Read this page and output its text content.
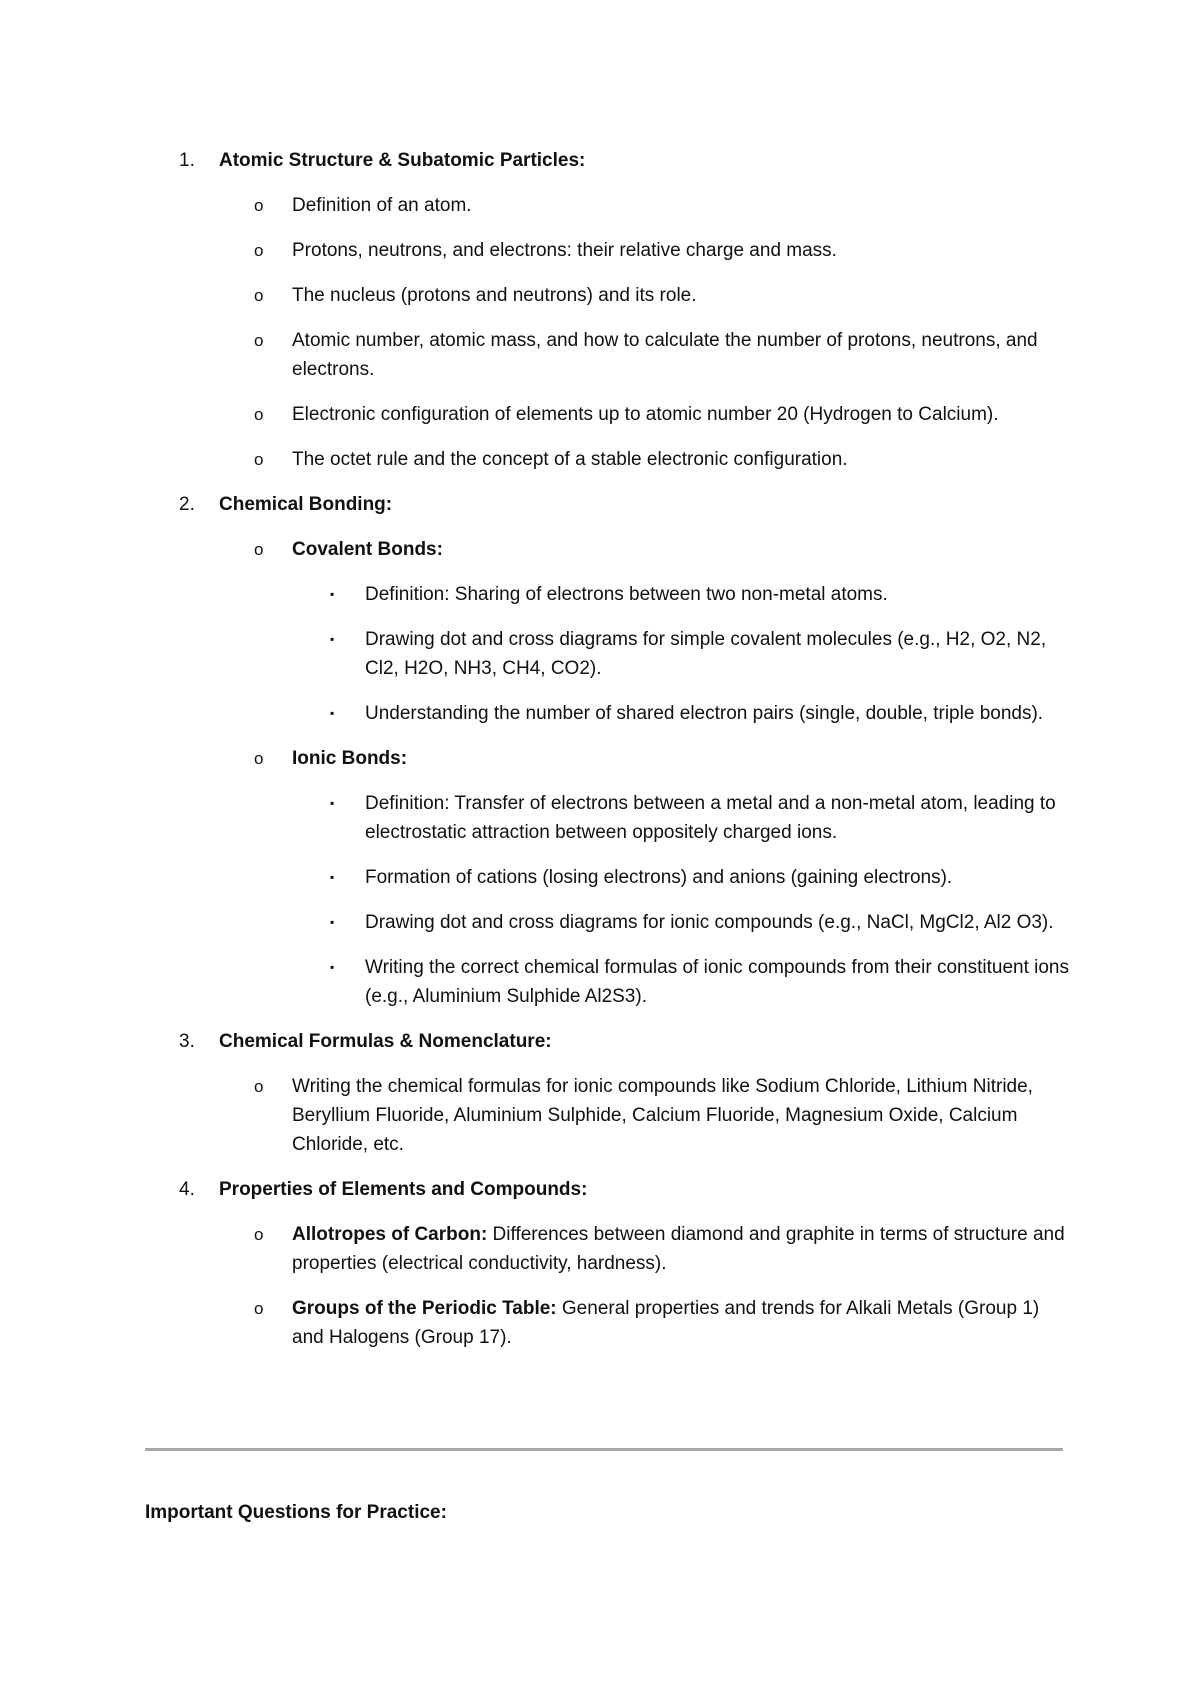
1.	Atomic Structure & Subatomic Particles:
o Definition of an atom.
o Protons, neutrons, and electrons: their relative charge and mass.
o The nucleus (protons and neutrons) and its role.
o Atomic number, atomic mass, and how to calculate the number of protons, neutrons, and electrons.
o Electronic configuration of elements up to atomic number 20 (Hydrogen to Calcium).
o The octet rule and the concept of a stable electronic configuration.
2.	Chemical Bonding:
o Covalent Bonds:
▪ Definition: Sharing of electrons between two non-metal atoms.
▪ Drawing dot and cross diagrams for simple covalent molecules (e.g., H2, O2, N2, Cl2, H2O, NH3, CH4, CO2).
▪ Understanding the number of shared electron pairs (single, double, triple bonds).
o Ionic Bonds:
▪ Definition: Transfer of electrons between a metal and a non-metal atom, leading to electrostatic attraction between oppositely charged ions.
▪ Formation of cations (losing electrons) and anions (gaining electrons).
▪ Drawing dot and cross diagrams for ionic compounds (e.g., NaCl, MgCl2, Al2 O3).
▪ Writing the correct chemical formulas of ionic compounds from their constituent ions (e.g., Aluminium Sulphide Al2S3).
3.	Chemical Formulas & Nomenclature:
o Writing the chemical formulas for ionic compounds like Sodium Chloride, Lithium Nitride, Beryllium Fluoride, Aluminium Sulphide, Calcium Fluoride, Magnesium Oxide, Calcium Chloride, etc.
4.	Properties of Elements and Compounds:
o Allotropes of Carbon: Differences between diamond and graphite in terms of structure and properties (electrical conductivity, hardness).
o Groups of the Periodic Table: General properties and trends for Alkali Metals (Group 1) and Halogens (Group 17).
Important Questions for Practice:
